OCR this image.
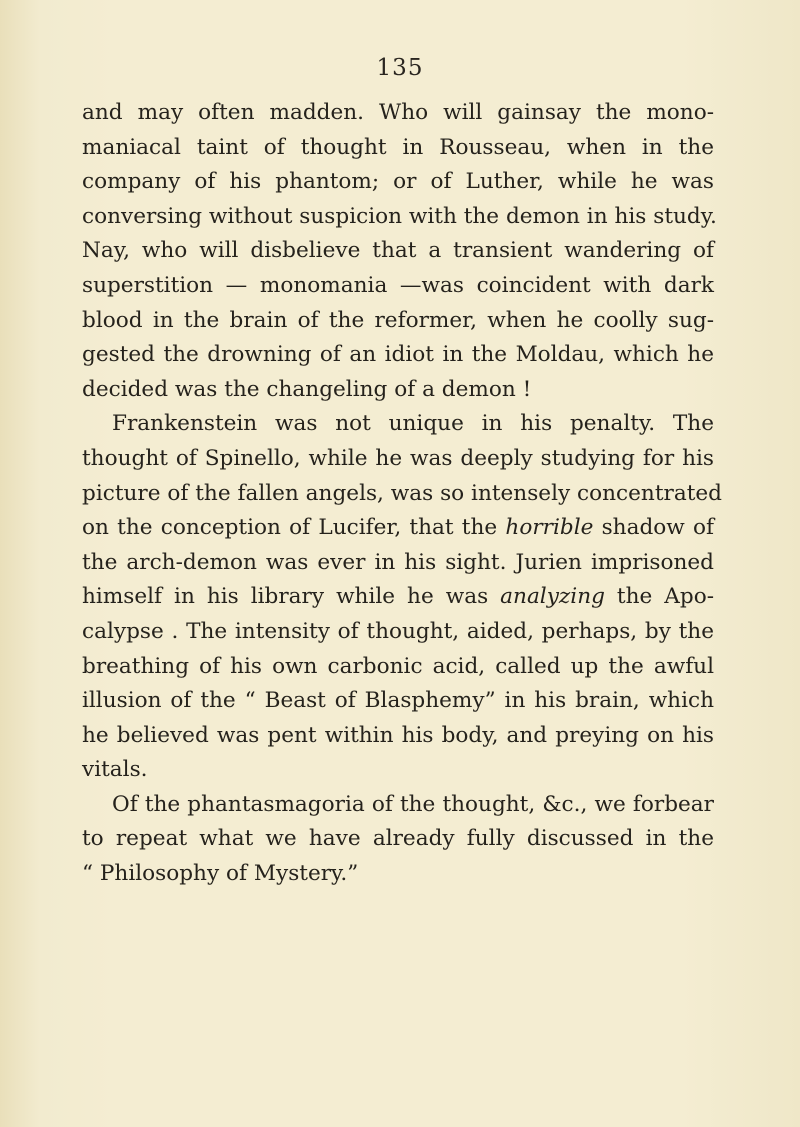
135
and may often madden. Who will gainsay the mono-
maniacal taint of thought in Rousseau, when in the
company of his phantom; or of Luther, while he was
conversing without suspicion with the demon in his study.
Nay, who will disbelieve that a transient wandering of
superstition — monomania —was coincident with dark
blood in the brain of the reformer, when he coolly sug-
gested the drowning of an idiot in the Moldau, which he
decided was the changeling of a demon !
Frankenstein was not unique in his penalty. The
thought of Spinello, while he was deeply studying for his
picture of the fallen angels, was so intensely concentrated
on the conception of Lucifer, that the horrible shadow of
the arch-demon was ever in his sight. Jurien imprisoned
himself in his library while he was analyzing the Apo-
calypse . The intensity of thought, aided, perhaps, by the
breathing of his own carbonic acid, called up the awful
illusion of the “ Beast of Blasphemy” in his brain, which
he believed was pent within his body, and preying on his
vitals.
Of the phantasmagoria of the thought, &c., we forbear
to repeat what we have already fully discussed in the
“ Philosophy of Mystery.”
